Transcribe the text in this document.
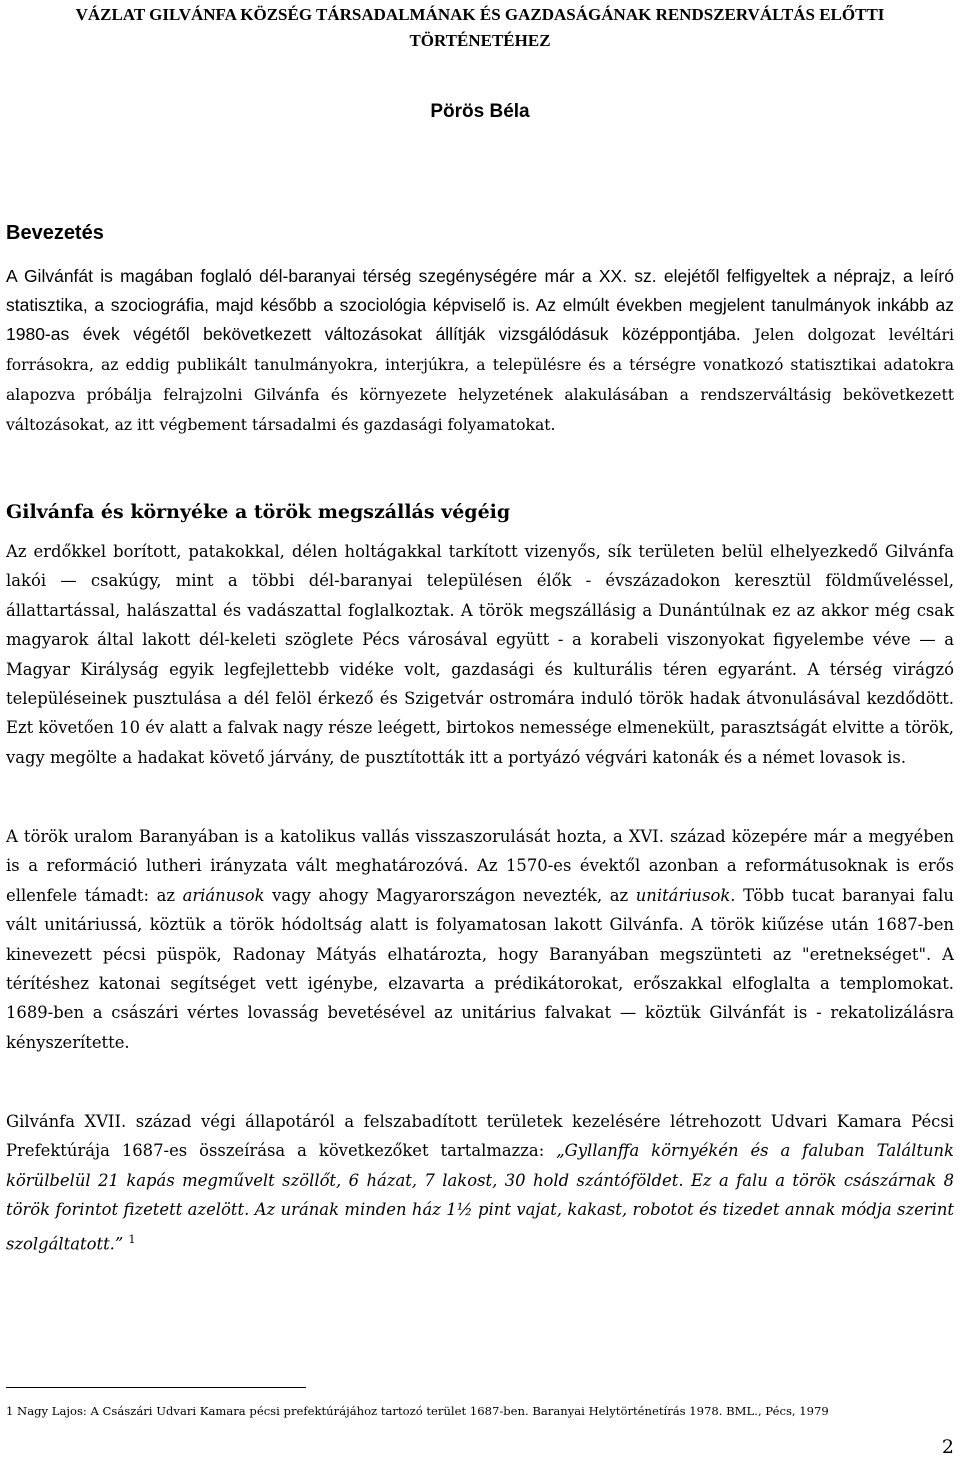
VÁZLAT GILVÁNFA KÖZSÉG TÁRSADALMÁNAK ÉS GAZDASÁGÁNAK RENDSZERVÁLTÁS ELŐTTI
TÖRTÉNETÉHEZ
Pörös Béla
Bevezetés

A Gilvánfát is magában foglaló dél-baranyai térség szegénységére már a XX. sz. elejétől felfigyeltek a néprajz, a leíró statisztika, a szociográfia, majd később a szociológia képviselő is. Az elmúlt években megjelent tanulmányok inkább az 1980-as évek végétől bekövetkezett változásokat állítják vizsgálódásuk középpontjába. Jelen dolgozat levéltári forrásokra, az eddig publikált tanulmányokra, interjúkra, a településre és a térségre vonatkozó statisztikai adatokra alapozva próbálja felrajzolni Gilvánfa és környezete helyzetének alakulásában a rendszerváltásig bekövetkezett változásokat, az itt végbement társadalmi és gazdasági folyamatokat.

Gilvánfa és környéke a török megszállás végéig

Az erdőkkel borított, patakokkal, délen holtágakkal tarkított vizenyős, sík területen belül elhelyezkedő Gilvánfa lakói — csakúgy, mint a többi dél-baranyai településen élők - évszázadokon keresztül földműveléssel, állattartással, halászattal és vadászattal foglalkoztak. A török megszállásig a Dunántúlnak ez az akkor még csak magyarok által lakott dél-keleti szöglete Pécs városával együtt - a korabeli viszonyokat figyelembe véve — a Magyar Királyság egyik legfejlettebb vidéke volt, gazdasági és kulturális téren egyaránt. A térség virágzó településeinek pusztulása a dél felöl érkező és Szigetvár ostromára induló török hadak átvonulásával kezdődött. Ezt követően 10 év alatt a falvak nagy része leégett, birtokos nemessége elmenekült, parasztságát elvitte a török, vagy megölte a hadakat követő járvány, de pusztították itt a portyázó végvári katonák és a német lovasok is.

A török uralom Baranyában is a katolikus vallás visszaszorulását hozta, a XVI. század közepére már a megyében is a reformáció lutheri irányzata vált meghatározóvá. Az 1570-es évektől azonban a reformátusoknak is erős ellenfele támadt: az ariánusok vagy ahogy Magyarországon nevezték, az unitáriusok. Több tucat baranyai falu vált unitáriussá, köztük a török hódoltság alatt is folyamatosan lakott Gilvánfa. A török kiűzése után 1687-ben kinevezett pécsi püspök, Radonay Mátyás elhatározta, hogy Baranyában megszünteti az "eretnekséget". A térítéshez katonai segítséget vett igénybe, elzavarta a prédikátorokat, erőszakkal elfoglalta a templomokat. 1689-ben a császári vértes lovasság bevetésével az unitárius falvakat — köztük Gilvánfát is - rekatolizálásra kényszerítette.

Gilvánfa XVII. század végi állapotáról a felszabadított területek kezelésére létrehozott Udvari Kamara Pécsi Prefektúrája 1687-es összeírása a következőket tartalmazza: „Gyllanffa környékén és a faluban Találtunk körülbelül 21 kapás megművelt szöllőt, 6 házat, 7 lakost, 30 hold szántóföldet. Ez a falu a török császárnak 8 török forintot fizetett azelött. Az urának minden ház 1½ pint vajat, kakast, robotot és tizedet annak módja szerint szolgáltatott.” $^1$

1 Nagy Lajos: A Császári Udvari Kamara pécsi prefektúrájához tartozó terület 1687-ben. Baranyai Helytörténetírás 1978. BML., Pécs, 1979
2
